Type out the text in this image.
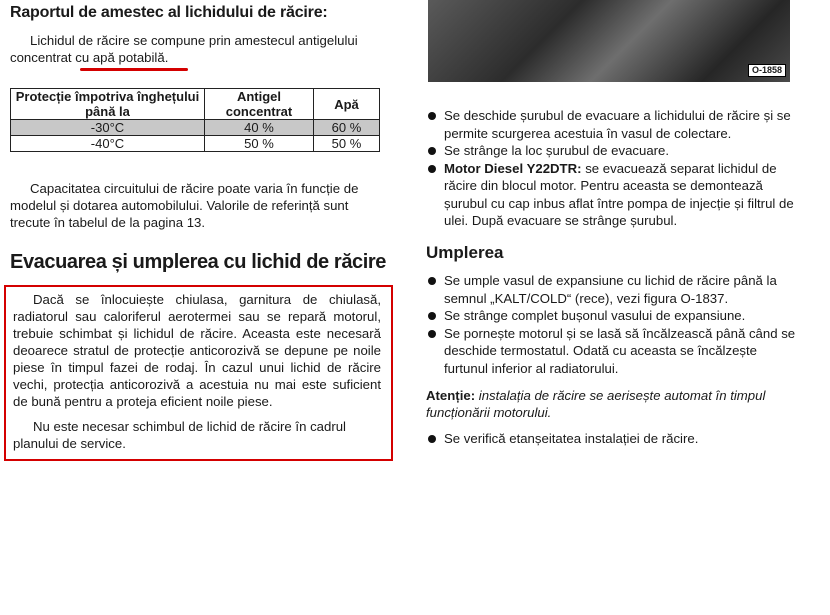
Raportul de amestec al lichidului de răcire:
Lichidul de răcire se compune prin amestecul antigelului concentrat cu apă potabilă.
Protecție împotriva înghețului până la	Antigel concentrat	Apă
-30°C	40 %	60 %
-40°C	50 %	50 %
Capacitatea circuitului de răcire poate varia în funcție de modelul și dotarea automobilului. Valorile de referință sunt trecute în tabelul de la pagina 13.
Evacuarea și umplerea cu lichid de răcire
Dacă se înlocuiește chiulasa, garnitura de chiulasă, radiatorul sau caloriferul aerotermei sau se repară motorul, trebuie schimbat și lichidul de răcire. Aceasta este necesară deoarece stratul de protecție anticorozivă se depune pe noile piese în timpul fazei de rodaj. În cazul unui lichid de răcire vechi, protecția anticorozivă a acestuia nu mai este suficient de bună pentru a proteja eficient noile piese.
Nu este necesar schimbul de lichid de răcire în cadrul planului de service.
O-1858
Se deschide șurubul de evacuare a lichidului de răcire și se permite scurgerea acestuia în vasul de colectare.
Se strânge la loc șurubul de evacuare.
Motor Diesel Y22DTR: se evacuează separat lichidul de răcire din blocul motor. Pentru aceasta se demontează șurubul cu cap inbus aflat între pompa de injecție și filtrul de ulei. După evacuare se strânge șurubul.
Umplerea
Se umple vasul de expansiune cu lichid de răcire până la semnul „KALT/COLD“ (rece), vezi figura O-1837.
Se strânge complet bușonul vasului de expansiune.
Se pornește motorul și se lasă să încălzească până când se deschide termostatul. Odată cu aceasta se încălzește furtunul inferior al radiatorului.
Atenție: instalația de răcire se aerisește automat în timpul funcționării motorului.
Se verifică etanșeitatea instalației de răcire.
